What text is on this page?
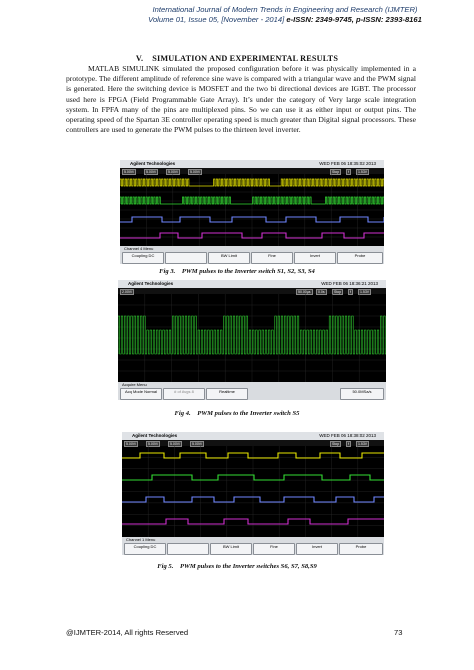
International Journal of Modern Trends in Engineering and Research (IJMTER)
Volume 01, Issue 05, [November - 2014] e-ISSN: 2349-9745, p-ISSN: 2393-8161
V. SIMULATION AND EXPERIMENTAL RESULTS

MATLAB SIMULINK simulated the proposed configuration before it was physically implemented in a prototype. The different amplitude of reference sine wave is compared with a triangular wave and the PWM signal is generated. Here the switching device is MOSFET and the two bi directional devices are IGBT. The processor used here is FPGA (Field Programmable Gate Array). It’s under the category of Very large scale integration system. In FPFA many of the pins are multiplexed pins. So we can use it as either input or output pins. The operating speed of the Spartan 3E controller operating speed is much greater than Digital signal processors. These controllers are used to generate the PWM pulses to the thirteen level inverter.

Agilent Technologies	WED FEB 06 18:35:02 2013
5.00V/	5.00V/	5.00V/	5.00V/	Stop	f	1.53V
Channel 4 Menu
Coupling DC	BW Limit	Fine	Invert	Probe
Fig 3. PWM pulses to the Inverter switch S1, S2, S3, S4
Agilent Technologies	WED FEB 06 18:36:21 2013
2.00V/	50.00µs	0.0s	Stop	f	1.53V
Acquire Menu
Acq Mode Normal	# of Avgs 8	Realtime	50.0MSa/s
Fig 4. PWM pulses to the Inverter switch S5
Agilent Technologies	WED FEB 06 18:38:02 2013
5.00V/	5.00V/	5.00V/	5.00V/	Stop	f	1.53V
Channel 1 Menu
Coupling DC	BW Limit	Fine	Invert	Probe
Fig 5. PWM pulses to the Inverter switches S6, S7, S8,S9
@IJMTER-2014, All rights Reserved	73
